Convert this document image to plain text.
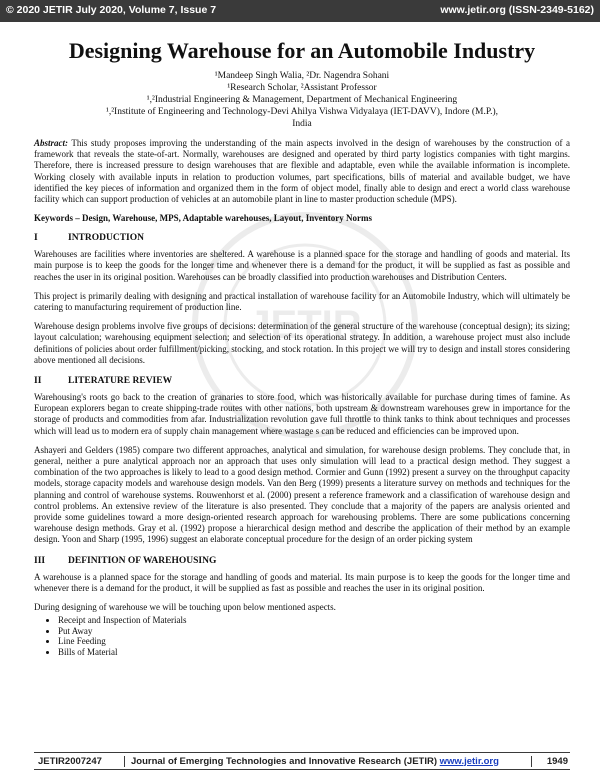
© 2020 JETIR July 2020, Volume 7, Issue 7	www.jetir.org (ISSN-2349-5162)
JETIR
Designing Warehouse for an Automobile Industry
¹Mandeep Singh Walia, ²Dr. Nagendra Sohani
¹Research Scholar, ²Assistant Professor
¹,²Industrial Engineering & Management, Department of Mechanical Engineering
¹,²Institute of Engineering and Technology-Devi Ahilya Vishwa Vidyalaya (IET-DAVV), Indore (M.P.),
India
Abstract: This study proposes improving the understanding of the main aspects involved in the design of warehouses by the construction of a framework that reveals the state-of-art. Normally, warehouses are designed and operated by third party logistics companies with tight margins. Therefore, there is increased pressure to design warehouses that are flexible and adaptable, even while the available information is incomplete. Working closely with available inputs in relation to production volumes, part specifications, bills of material and available budget, we have identified the key pieces of information and organized them in the form of object model, finally able to design and erect a world class warehouse facility which can support production of vehicles at an automobile plant in line to master production schedule (MPS).
Keywords – Design, Warehouse, MPS, Adaptable warehouses, Layout, Inventory Norms
I	INTRODUCTION

Warehouses are facilities where inventories are sheltered. A warehouse is a planned space for the storage and handling of goods and material. Its main purpose is to keep the goods for the longer time and whenever there is a demand for the product, it will be supplied as fast as possible and reaches the user in its original position. Warehouses can be broadly classified into production warehouses and Distribution Centers.

This project is primarily dealing with designing and practical installation of warehouse facility for an Automobile Industry, which will ultimately be catering to manufacturing requirement of production line.

Warehouse design problems involve five groups of decisions: determination of the general structure of the warehouse (conceptual design); its sizing; layout calculation; warehousing equipment selection; and selection of its operational strategy. In addition, a warehouse project must also include definitions of policies about order fulfillment/picking, stocking, and stock rotation. In this project we will try to design and install stores considering above mentioned all decisions.

II	LITERATURE REVIEW

Warehousing's roots go back to the creation of granaries to store food, which was historically available for purchase during times of famine. As European explorers began to create shipping-trade routes with other nations, both upstream & downstream warehouses grew in importance for the storage of products and commodities from afar. Industrialization revolution gave full throttle to think tanks to think about techniques and processes which will lead us to modern era of supply chain management where wastage s can be reduced and efficiencies can be improved upon.

Ashayeri and Gelders (1985) compare two different approaches, analytical and simulation, for warehouse design problems. They conclude that, in general, neither a pure analytical approach nor an approach that uses only simulation will lead to a practical design method. They suggest a combination of the two approaches is likely to lead to a good design method. Cormier and Gunn (1992) present a survey on the throughput capacity models, storage capacity models and warehouse design models. Van den Berg (1999) presents a literature survey on methods and techniques for the planning and control of warehouse systems. Rouwenhorst et al. (2000) present a reference framework and a classification of warehouse design and control problems. An extensive review of the literature is also presented. They conclude that a majority of the papers are analysis oriented and provide some guidelines toward a more design-oriented research approach for warehousing problems. There are some publications concerning warehouse design methods. Gray et al. (1992) propose a hierarchical design method and describe the application of their method by an example design. Yoon and Sharp (1995, 1996) suggest an elaborate conceptual procedure for the design of an order picking system

III	DEFINITION OF WAREHOUSING

A warehouse is a planned space for the storage and handling of goods and material. Its main purpose is to keep the goods for the longer time and whenever there is a demand for the product, it will be supplied as fast as possible and reaches the user in its original position.

During designing of warehouse we will be touching upon below mentioned aspects.

• Receipt and Inspection of Materials
• Put Away
• Line Feeding
• Bills of Material
JETIR2007247	Journal of Emerging Technologies and Innovative Research (JETIR) www.jetir.org	1949
